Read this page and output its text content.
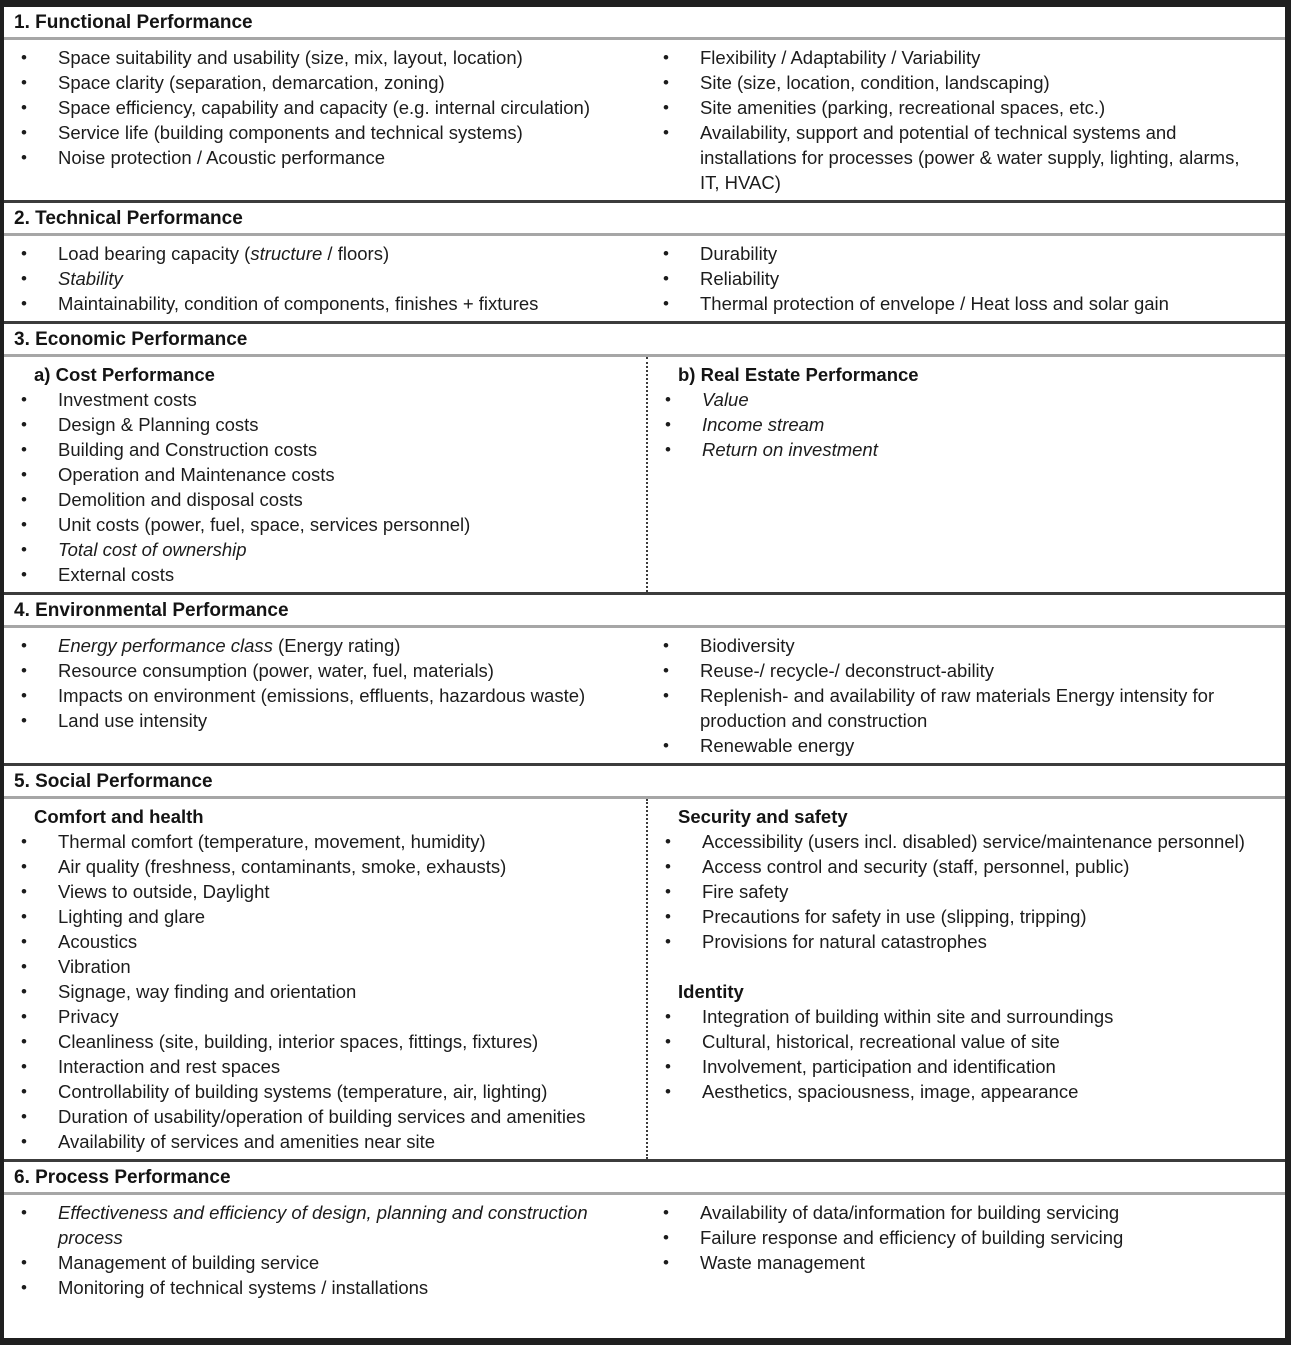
1. Functional Performance
•	Space suitability and usability (size, mix, layout, location)
•	Space clarity (separation, demarcation, zoning)
•	Space efficiency, capability and capacity (e.g. internal circulation)
•	Service life (building components and technical systems)
•	Noise protection / Acoustic performance
•	Flexibility / Adaptability / Variability
•	Site (size, location, condition, landscaping)
•	Site amenities (parking, recreational spaces, etc.)
•	Availability, support and potential of technical systems and installations for processes (power & water supply, lighting, alarms, IT, HVAC)
2. Technical Performance
•	Load bearing capacity (structure / floors)
•	Stability
•	Maintainability, condition of components, finishes + fixtures
•	Durability
•	Reliability
•	Thermal protection of envelope / Heat loss and solar gain
3. Economic Performance
a) Cost Performance
•	Investment costs
•	Design & Planning costs
•	Building and Construction costs
•	Operation and Maintenance costs
•	Demolition and disposal costs
•	Unit costs (power, fuel, space, services personnel)
•	Total cost of ownership
•	External costs
b) Real Estate Performance
•	Value
•	Income stream
•	Return on investment
4. Environmental Performance
•	Energy performance class (Energy rating)
•	Resource consumption (power, water, fuel, materials)
•	Impacts on environment (emissions, effluents, hazardous waste)
•	Land use intensity
•	Biodiversity
•	Reuse-/ recycle-/ deconstruct-ability
•	Replenish- and availability of raw materials Energy intensity for production and construction
•	Renewable energy
5. Social Performance
Comfort and health
•	Thermal comfort (temperature, movement, humidity)
•	Air quality (freshness, contaminants, smoke, exhausts)
•	Views to outside, Daylight
•	Lighting and glare
•	Acoustics
•	Vibration
•	Signage, way finding and orientation
•	Privacy
•	Cleanliness (site, building, interior spaces, fittings, fixtures)
•	Interaction and rest spaces
•	Controllability of building systems (temperature, air, lighting)
•	Duration of usability/operation of building services and amenities
•	Availability of services and amenities near site
Security and safety
•	Accessibility (users incl. disabled) service/maintenance personnel)
•	Access control and security (staff, personnel, public)
•	Fire safety
•	Precautions for safety in use (slipping, tripping)
•	Provisions for natural catastrophes
Identity
•	Integration of building within site and surroundings
•	Cultural, historical, recreational value of site
•	Involvement, participation and identification
•	Aesthetics, spaciousness, image, appearance
6. Process Performance
•	Effectiveness and efficiency of design, planning and construction process
•	Management of building service
•	Monitoring of technical systems / installations
•	Availability of data/information for building servicing
•	Failure response and efficiency of building servicing
•	Waste management
